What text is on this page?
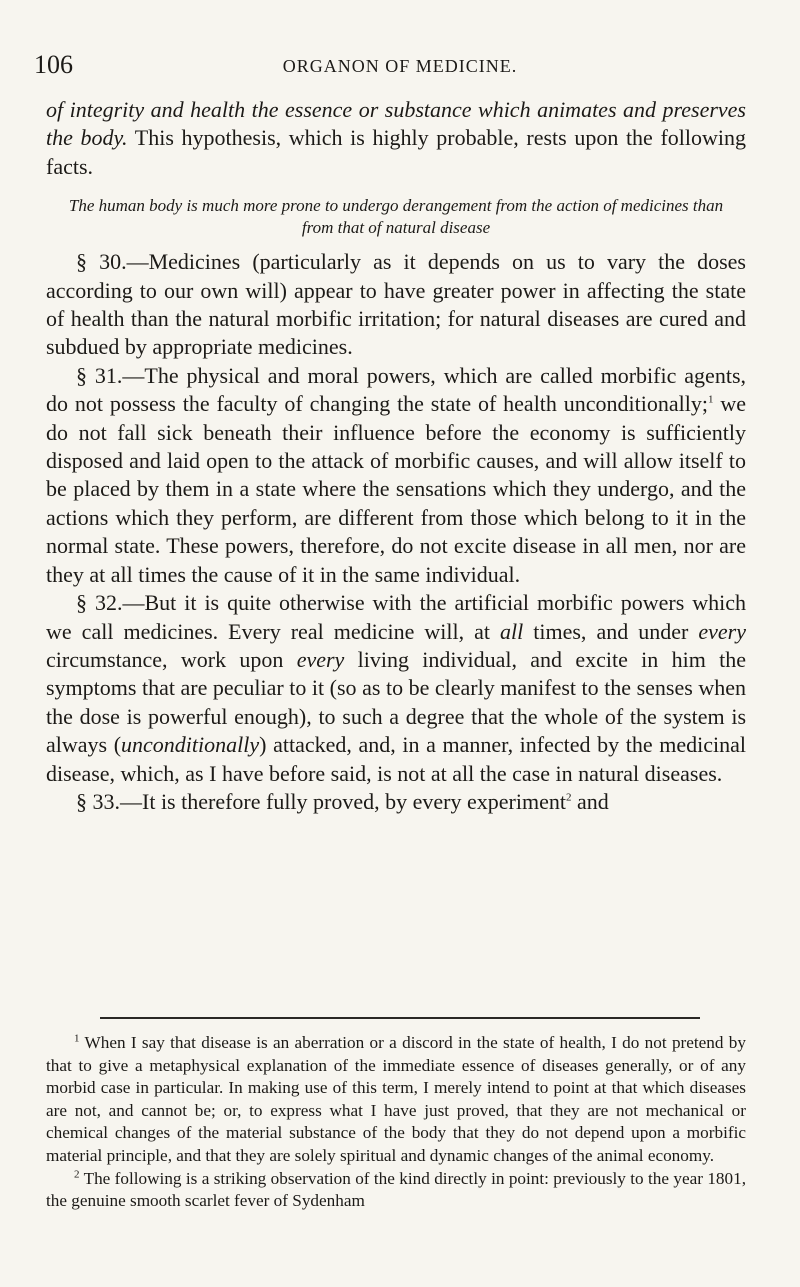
106	ORGANON OF MEDICINE.

of integrity and health the essence or substance which animates and preserves the body. This hypothesis, which is highly probable, rests upon the following facts.

The human body is much more prone to undergo derangement from the action of medicines than from that of natural disease

§ 30.—Medicines (particularly as it depends on us to vary the doses according to our own will) appear to have greater power in affecting the state of health than the natural morbific irritation; for natural diseases are cured and subdued by appropriate medicines.

§ 31.—The physical and moral powers, which are called morbific agents, do not possess the faculty of changing the state of health unconditionally;$^1$ we do not fall sick beneath their influence before the economy is sufficiently disposed and laid open to the attack of morbific causes, and will allow itself to be placed by them in a state where the sensations which they undergo, and the actions which they perform, are different from those which belong to it in the normal state. These powers, therefore, do not excite disease in all men, nor are they at all times the cause of it in the same individual.

§ 32.—But it is quite otherwise with the artificial morbific powers which we call medicines. Every real medicine will, at all times, and under every circumstance, work upon every living individual, and excite in him the symptoms that are peculiar to it (so as to be clearly manifest to the senses when the dose is powerful enough), to such a degree that the whole of the system is always (unconditionally) attacked, and, in a manner, infected by the medicinal disease, which, as I have before said, is not at all the case in natural diseases.

§ 33.—It is therefore fully proved, by every experiment$^2$ and

$^1$ When I say that disease is an aberration or a discord in the state of health, I do not pretend by that to give a metaphysical explanation of the immediate essence of diseases generally, or of any morbid case in particular. In making use of this term, I merely intend to point at that which diseases are not, and cannot be; or, to express what I have just proved, that they are not mechanical or chemical changes of the material substance of the body that they do not depend upon a morbific material principle, and that they are solely spiritual and dynamic changes of the animal economy.

$^2$ The following is a striking observation of the kind directly in point: previously to the year 1801, the genuine smooth scarlet fever of Sydenham
